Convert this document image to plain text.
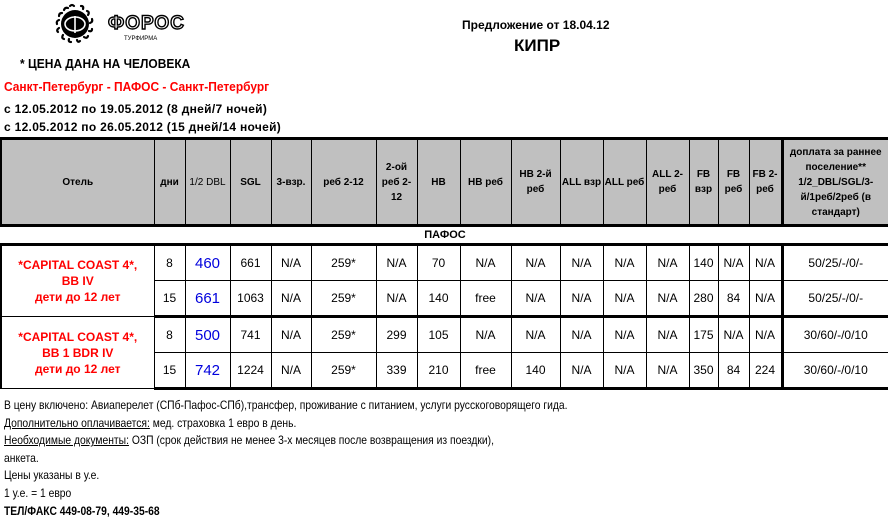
ФОРОС
ТУРФИРМА
Предложение от 18.04.12
КИПР
* ЦЕНА ДАНА НА ЧЕЛОВЕКА
Санкт-Петербург - ПАФОС - Санкт-Петербург
с 12.05.2012 по 19.05.2012 (8 дней/7 ночей)
с 12.05.2012 по 26.05.2012 (15 дней/14 ночей)
Отель	дни	1/2 DBL	SGL	3-взр.	реб 2-12	2-ой реб 2-12	HB	HB реб	HB 2-й реб	ALL взр	ALL реб	ALL 2-реб	FB взр	FB реб	FB 2-реб	доплата за раннее поселение** 1/2_DBL/SGL/3-й/1реб/2реб (в стандарт)
ПАФОС																

*CAPITAL COAST 4*,
BB IV
дети до 12 лет	8	460	661	N/A	259*	N/A	70	N/A	N/A	N/A	N/A	N/A	140	N/A	N/A	50/25/-/0/-
	15	661	1063	N/A	259*	N/A	140	free	N/A	N/A	N/A	N/A	280	84	N/A	50/25/-/0/-

*CAPITAL COAST 4*,
BB 1 BDR IV
дети до 12 лет	8	500	741	N/A	259*	299	105	N/A	N/A	N/A	N/A	N/A	175	N/A	N/A	30/60/-/0/10
	15	742	1224	N/A	259*	339	210	free	140	N/A	N/A	N/A	350	84	224	30/60/-/0/10
В цену включено: Авиаперелет (СПб-Пафос-СПб),трансфер, проживание с питанием, услуги русскоговорящего гида.
Дополнительно оплачивается: мед. страховка 1 евро в день.
Необходимые документы: ОЗП (срок действия не менее 3-х месяцев после возвращения из поездки),
анкета.
Цены указаны в у.е.
1 у.е. = 1 евро
ТЕЛ/ФАКС 449-08-79, 449-35-68
